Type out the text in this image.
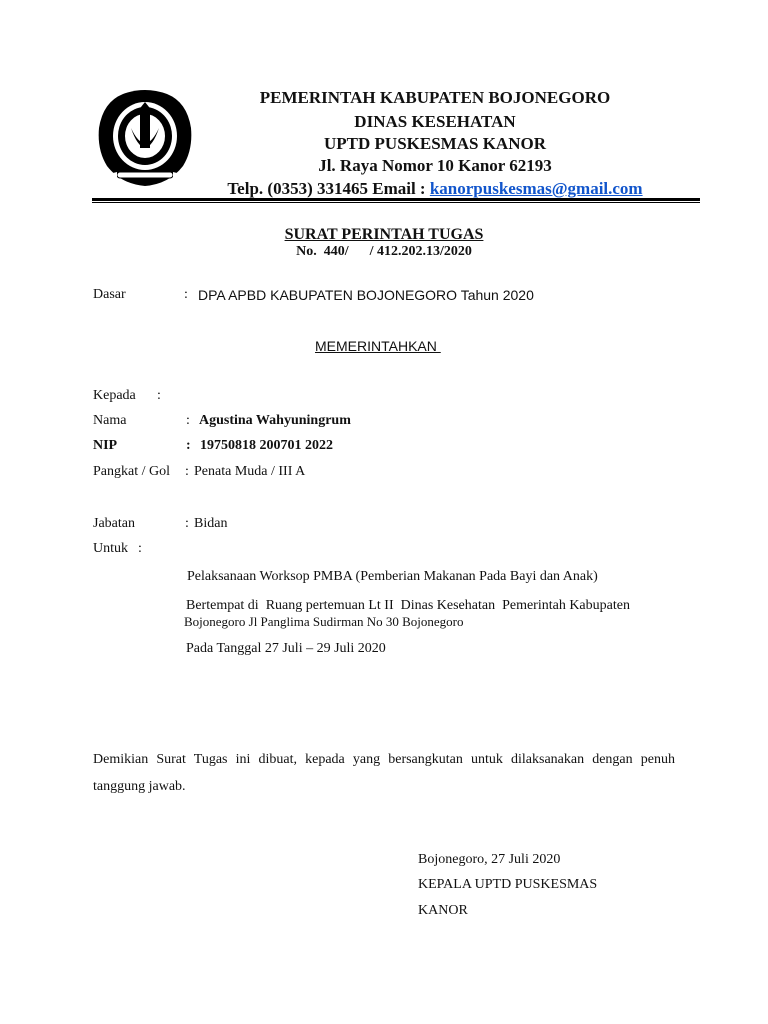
PEMERINTAH KABUPATEN BOJONEGORO
DINAS KESEHATAN
UPTD PUSKESMAS KANOR
Jl. Raya Nomor 10 Kanor 62193
Telp. (0353) 331465 Email : kanorpuskesmas@gmail.com
SURAT PERINTAH TUGAS
No.  440/      / 412.202.13/2020
Dasar	: DPA APBD KABUPATEN BOJONEGORO Tahun 2020
MEMERINTAHKAN
Kepada :
Nama	: Agustina Wahyuningrum
NIP	: 19750818 200701 2022
Pangkat / Gol : Penata Muda / III A
Jabatan	: Bidan
Untuk :
Pelaksanaan Worksop PMBA (Pemberian Makanan Pada Bayi dan Anak)
Bertempat di  Ruang pertemuan Lt II  Dinas Kesehatan  Pemerintah Kabupaten
Bojonegoro Jl Panglima Sudirman No 30 Bojonegoro
Pada Tanggal 27 Juli – 29 Juli 2020
Demikian Surat Tugas ini dibuat, kepada yang bersangkutan untuk dilaksanakan dengan penuh tanggung jawab.
Bojonegoro, 27 Juli 2020
KEPALA UPTD PUSKESMAS
KANOR
